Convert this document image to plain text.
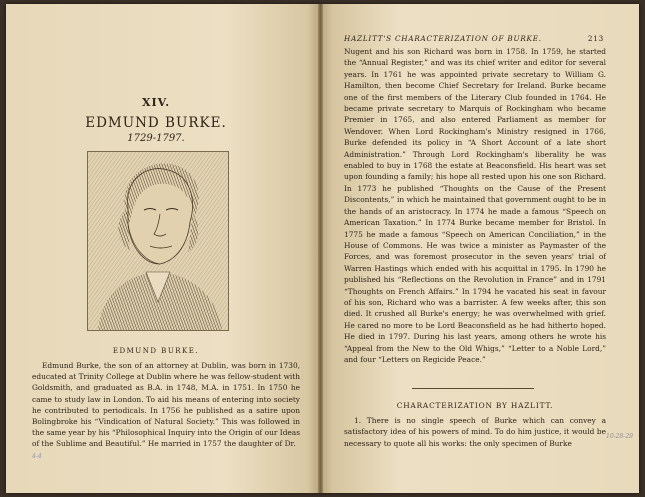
XIV.
EDMUND BURKE.
1729-1797.
EDMUND BURKE.

Edmund Burke, the son of an attorney at Dublin, was born in 1730, educated at Trinity College at Dublin where he was fellow-student with Goldsmith, and graduated as B.A. in 1748, M.A. in 1751. In 1750 he came to study law in London. To aid his means of entering into society he contributed to periodicals. In 1756 he published as a satire upon Bolingbroke his “Vindication of Natural Society.” This was followed in the same year by his “Philosophical Inquiry into the Origin of our Ideas of the Sublime and Beautiful.” He married in 1757 the daughter of Dr.

4-4
HAZLITT'S CHARACTERIZATION OF BURKE.	213

Nugent and his son Richard was born in 1758. In 1759, he started the “Annual Register,” and was its chief writer and editor for several years. In 1761 he was appointed private secretary to William G. Hamilton, then become Chief Secretary for Ireland. Burke became one of the first members of the Literary Club founded in 1764. He became private secretary to Marquis of Rockingham who became Premier in 1765, and also entered Parliament as member for Wendover. When Lord Rockingham's Ministry resigned in 1766, Burke defended its policy in “A Short Account of a late short Administration.” Through Lord Rockingham's liberality he was enabled to buy in 1768 the estate at Beaconsfield. His heart was set upon founding a family; his hope all rested upon his one son Richard. In 1773 he published “Thoughts on the Cause of the Present Discontents,” in which he maintained that government ought to be in the hands of an aristocracy. In 1774 he made a famous “Speech on American Taxation.” In 1774 Burke became member for Bristol. In 1775 he made a famous “Speech on American Conciliation,” in the House of Commons. He was twice a minister as Paymaster of the Forces, and was foremost prosecutor in the seven years' trial of Warren Hastings which ended with his acquittal in 1795. In 1790 he published his “Reflections on the Revolution in France” and in 1791 “Thoughts on French Affairs.” In 1794 he vacated his seat in favour of his son, Richard who was a barrister. A few weeks after, this son died. It crushed all Burke's energy; he was overwhelmed with grief. He cared no more to be Lord Beaconsfield as he had hitherto hoped. He died in 1797. During his last years, among others he wrote his “Appeal from the New to the Old Whigs,” “Letter to a Noble Lord,” and four “Letters on Regicide Peace.”

CHARACTERIZATION BY HAZLITT.

1. There is no single speech of Burke which can convey a satisfactory idea of his powers of mind. To do him justice, it would be necessary to quote all his works: the only specimen of Burke

10-28-29
